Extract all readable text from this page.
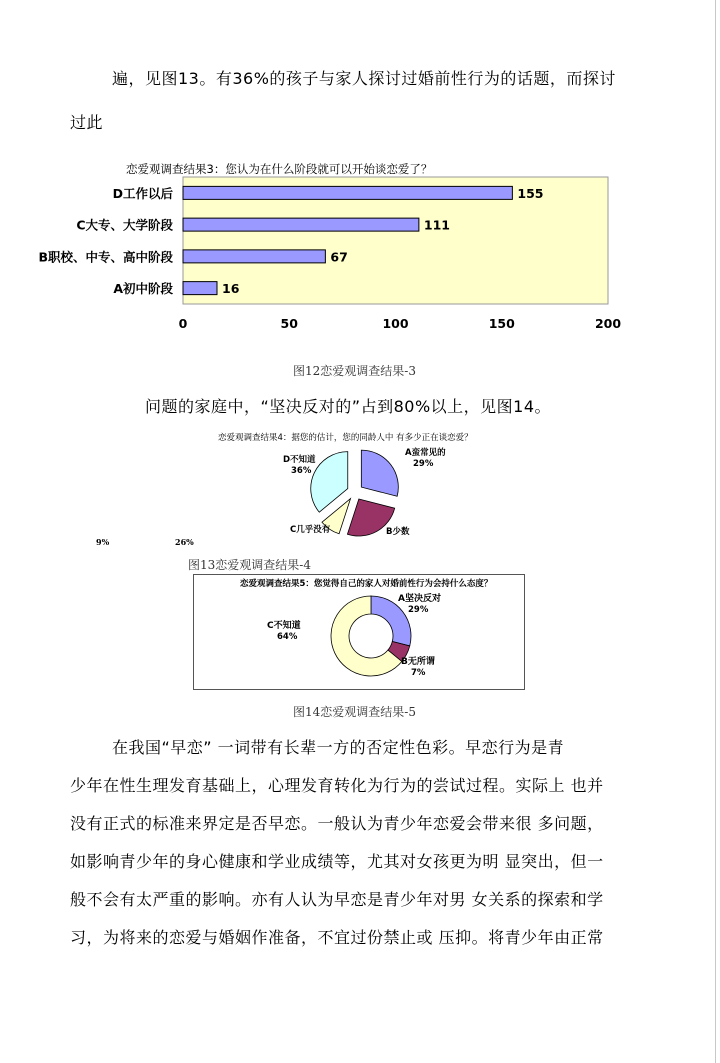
遍，见图13。有36%的孩子与家人探讨过婚前性行为的话题，而探讨
过此
恋爱观调查结果3：您认为在什么阶段就可以开始谈恋爱了？
D工作以后	155
C大专、大学阶段	111
B职校、中专、高中阶段	67
A初中阶段	16
0	50	100	150	200
图12恋爱观调查结果-3
问题的家庭中，“坚决反对的”占到80%以上，见图14。
恋爱观调查结果4：据您的估计，您的同龄人中 有多少正在谈恋爱？
A蛮常见的
29%
B少数
C几乎没有
D不知道
36%
9%	26%
图13恋爱观调查结果-4
恋爱观调查结果5：您觉得自己的家人对婚前性行为会持什么态度？
A坚决反对
29%
B无所谓
7%
C不知道
64%
图14恋爱观调查结果-5
在我国“早恋” 一词带有长辈一方的否定性色彩。早恋行为是青
少年在性生理发育基础上，心理发育转化为行为的尝试过程。实际上 也并
没有正式的标准来界定是否早恋。一般认为青少年恋爱会带来很 多问题，
如影响青少年的身心健康和学业成绩等，尤其对女孩更为明 显突出，但一
般不会有太严重的影响。亦有人认为早恋是青少年对男 女关系的探索和学
习，为将来的恋爱与婚姻作准备，不宜过份禁止或 压抑。将青少年由正常
